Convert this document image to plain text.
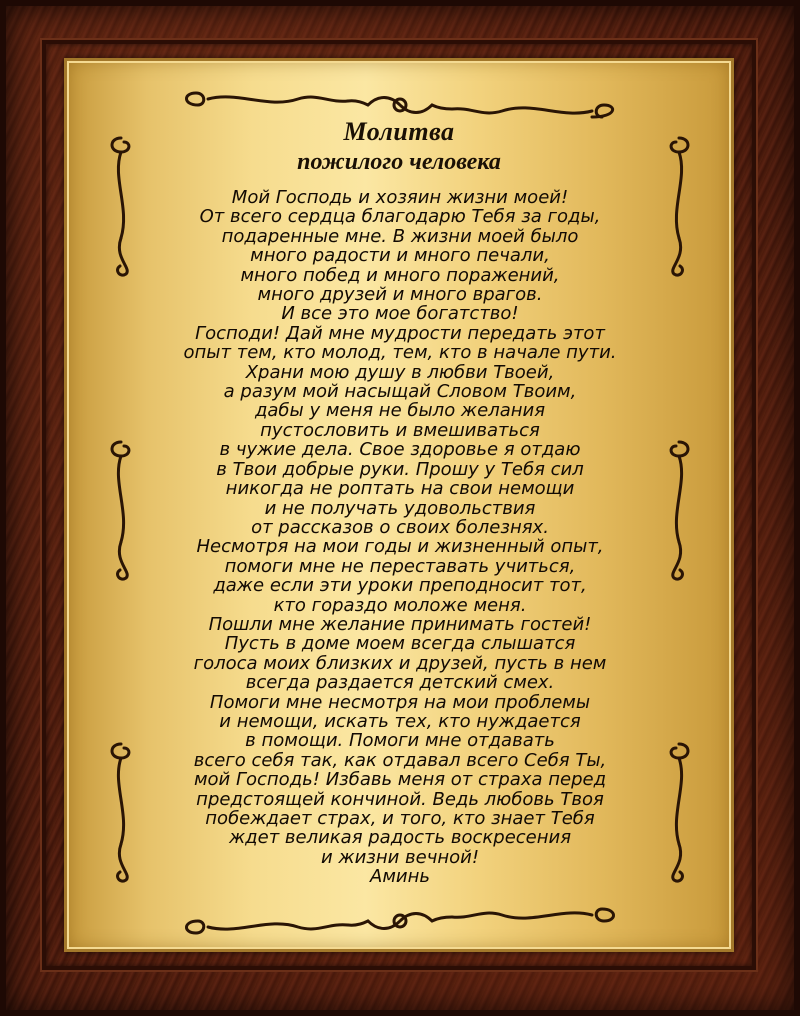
Молитва
пожилого человека
Мой Господь и хозяин жизни моей!
От всего сердца благодарю Тебя за годы,
подаренные мне. В жизни моей было
много радости и много печали,
много побед и много поражений,
много друзей и много врагов.
И все это мое богатство!
Господи! Дай мне мудрости передать этот
опыт тем, кто молод, тем, кто в начале пути.
Храни мою душу в любви Твоей,
а разум мой насыщай Словом Твоим,
дабы у меня не было желания
пустословить и вмешиваться
в чужие дела. Свое здоровье я отдаю
в Твои добрые руки. Прошу у Тебя сил
никогда не роптать на свои немощи
и не получать удовольствия
от рассказов о своих болезнях.
Несмотря на мои годы и жизненный опыт,
помоги мне не переставать учиться,
даже если эти уроки преподносит тот,
кто гораздо моложе меня.
Пошли мне желание принимать гостей!
Пусть в доме моем всегда слышатся
голоса моих близких и друзей, пусть в нем
всегда раздается детский смех.
Помоги мне несмотря на мои проблемы
и немощи, искать тех, кто нуждается
в помощи. Помоги мне отдавать
всего себя так, как отдавал всего Себя Ты,
мой Господь! Избавь меня от страха перед
предстоящей кончиной. Ведь любовь Твоя
побеждает страх, и того, кто знает Тебя
ждет великая радость воскресения
и жизни вечной!
Аминь
